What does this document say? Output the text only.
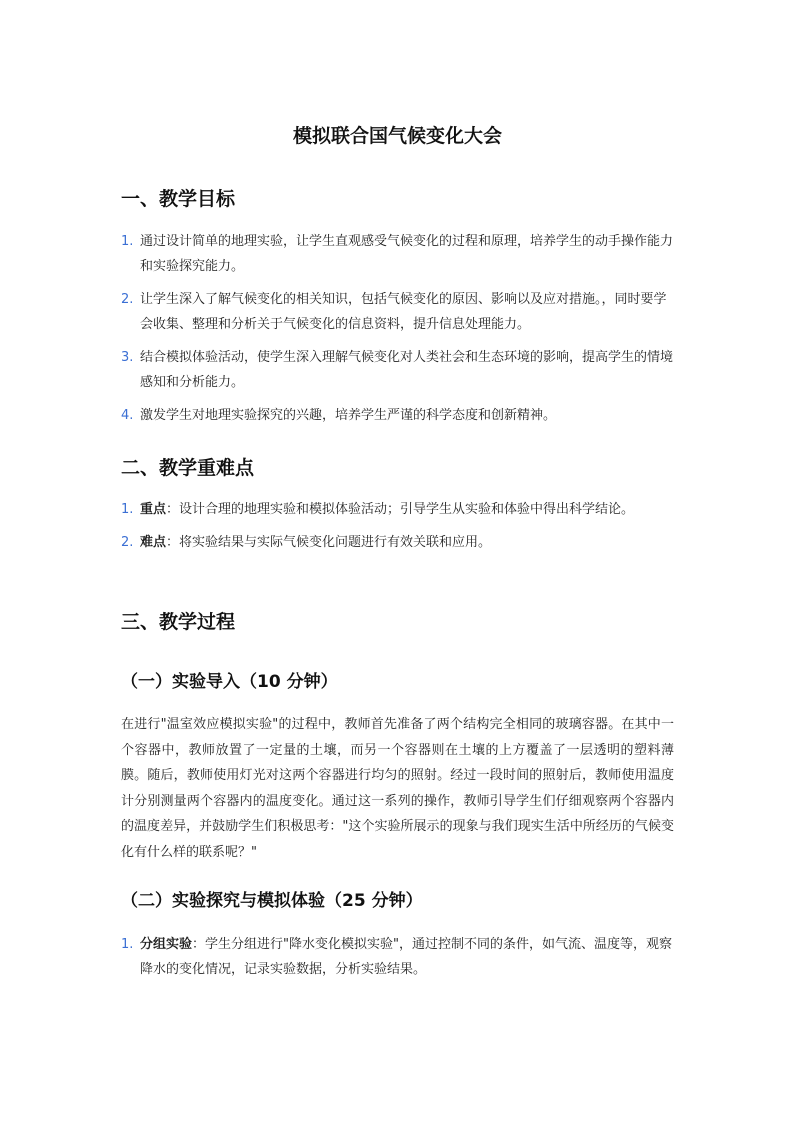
模拟联合国气候变化大会
一、教学目标
1. 通过设计简单的地理实验，让学生直观感受气候变化的过程和原理，培养学生的动手操作能力和实验探究能力。
2. 让学生深入了解气候变化的相关知识，包括气候变化的原因、影响以及应对措施。，同时要学会收集、整理和分析关于气候变化的信息资料，提升信息处理能力。
3. 结合模拟体验活动，使学生深入理解气候变化对人类社会和生态环境的影响，提高学生的情境感知和分析能力。
4. 激发学生对地理实验探究的兴趣，培养学生严谨的科学态度和创新精神。
二、教学重难点
1. 重点：设计合理的地理实验和模拟体验活动；引导学生从实验和体验中得出科学结论。
2. 难点：将实验结果与实际气候变化问题进行有效关联和应用。
三、教学过程
（一）实验导入（10 分钟）

在进行"温室效应模拟实验"的过程中，教师首先准备了两个结构完全相同的玻璃容器。在其中一个容器中，教师放置了一定量的土壤，而另一个容器则在土壤的上方覆盖了一层透明的塑料薄膜。随后，教师使用灯光对这两个容器进行均匀的照射。经过一段时间的照射后，教师使用温度计分别测量两个容器内的温度变化。通过这一系列的操作，教师引导学生们仔细观察两个容器内的温度差异，并鼓励学生们积极思考："这个实验所展示的现象与我们现实生活中所经历的气候变化有什么样的联系呢？"

（二）实验探究与模拟体验（25 分钟）
1. 分组实验：学生分组进行"降水变化模拟实验"，通过控制不同的条件，如气流、温度等，观察降水的变化情况，记录实验数据，分析实验结果。
